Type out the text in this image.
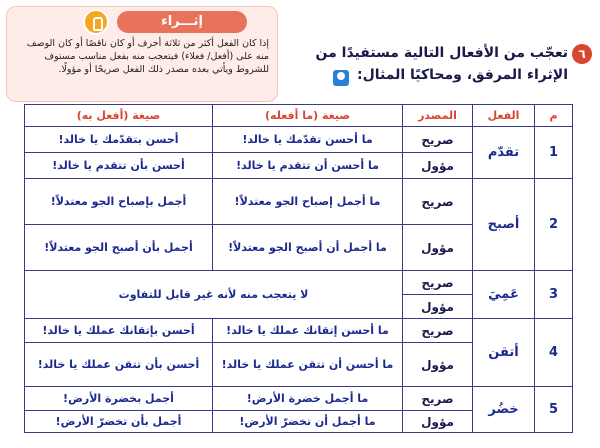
إثـــراء
إذا كان الفعل أكثر من ثلاثة أحرف أو كان ناقصًا أو كان الوصف منه على (أفعل/ فعلاء) فيتعجب منه بفعل مناسب مستوف للشروط ويأتي بعده مصدر ذلك الفعل صريحًا أو مؤولًا.
٦
تعجّب من الأفعال التالية مستفيدًا من الإثراء المرفق، ومحاكيًا المثال:
م	الفعل	المصدر	صيغة (ما أفعله)	صيغة (أفعل به)
1	تقدّم	صريح	ما أحسن تقدّمك يا خالد!	أحسن بتقدّمك يا خالد!
		مؤول	ما أحسن أن تتقدم يا خالد!	أحسن بأن تتقدم يا خالد!
2	أصبح	صريح	ما أجمل إصباح الجو معتدلاً!	أجمل بإصباح الجو معتدلاً!
		مؤول	ما أجمل أن أصبح الجو معتدلاً!	أجمل بأن أصبح الجو معتدلاً!
3	عَمِيَ	صريح	لا يتعجب منه لأنه غير قابل للتفاوت	
		مؤول		
4	أتقن	صريح	ما أحسن إتقانك عملك يا خالد!	أحسن بإتقانك عملك يا خالد!
		مؤول	ما أحسن أن تتقن عملك يا خالد!	أحسن بأن تتقن عملك يا خالد!
5	خضُر	صريح	ما أجمل خضرة الأرض!	أجمل بخضرة الأرض!
		مؤول	ما أجمل أن تخضرّ الأرض!	أجمل بأن تخضرّ الأرض!
